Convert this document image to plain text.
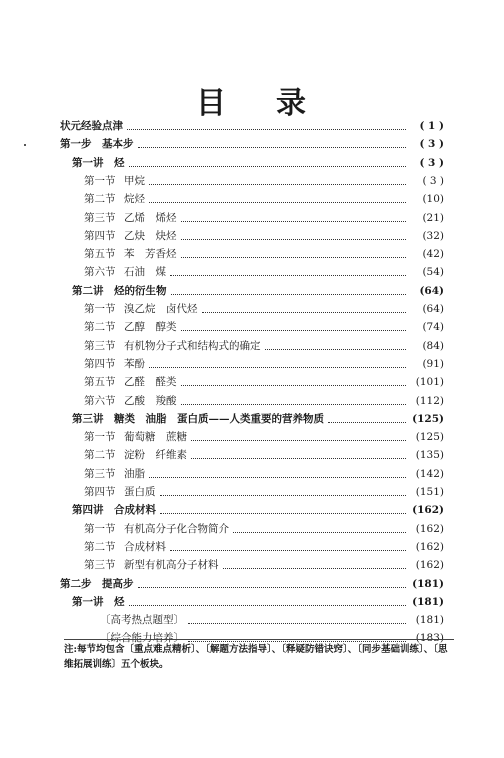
目 录
状元经验点津	( 1 )
第一步　基本步	( 3 )
第一讲　烃	( 3 )
第一节 甲烷	( 3 )
第二节 烷烃	(10)
第三节 乙烯　烯烃	(21)
第四节 乙炔　炔烃	(32)
第五节 苯　芳香烃	(42)
第六节 石油　煤	(54)
第二讲　烃的衍生物	(64)
第一节 溴乙烷　卤代烃	(64)
第二节 乙醇　醇类	(74)
第三节 有机物分子式和结构式的确定	(84)
第四节 苯酚	(91)
第五节 乙醛　醛类	(101)
第六节 乙酸　羧酸	(112)
第三讲　糖类　油脂　蛋白质——人类重要的营养物质	(125)
第一节 葡萄糖　蔗糖	(125)
第二节 淀粉　纤维素	(135)
第三节 油脂	(142)
第四节 蛋白质	(151)
第四讲　合成材料	(162)
第一节 有机高分子化合物简介	(162)
第二节 合成材料	(162)
第三节 新型有机高分子材料	(162)
第二步　提高步	(181)
第一讲　烃	(181)
〔高考热点题型〕	(181)
〔综合能力培养〕	(183)
注:每节均包含〔重点难点精析〕、〔解题方法指导〕、〔释疑防错诀窍〕、〔同步基础训练〕、〔思维拓展训练〕五个板块。
